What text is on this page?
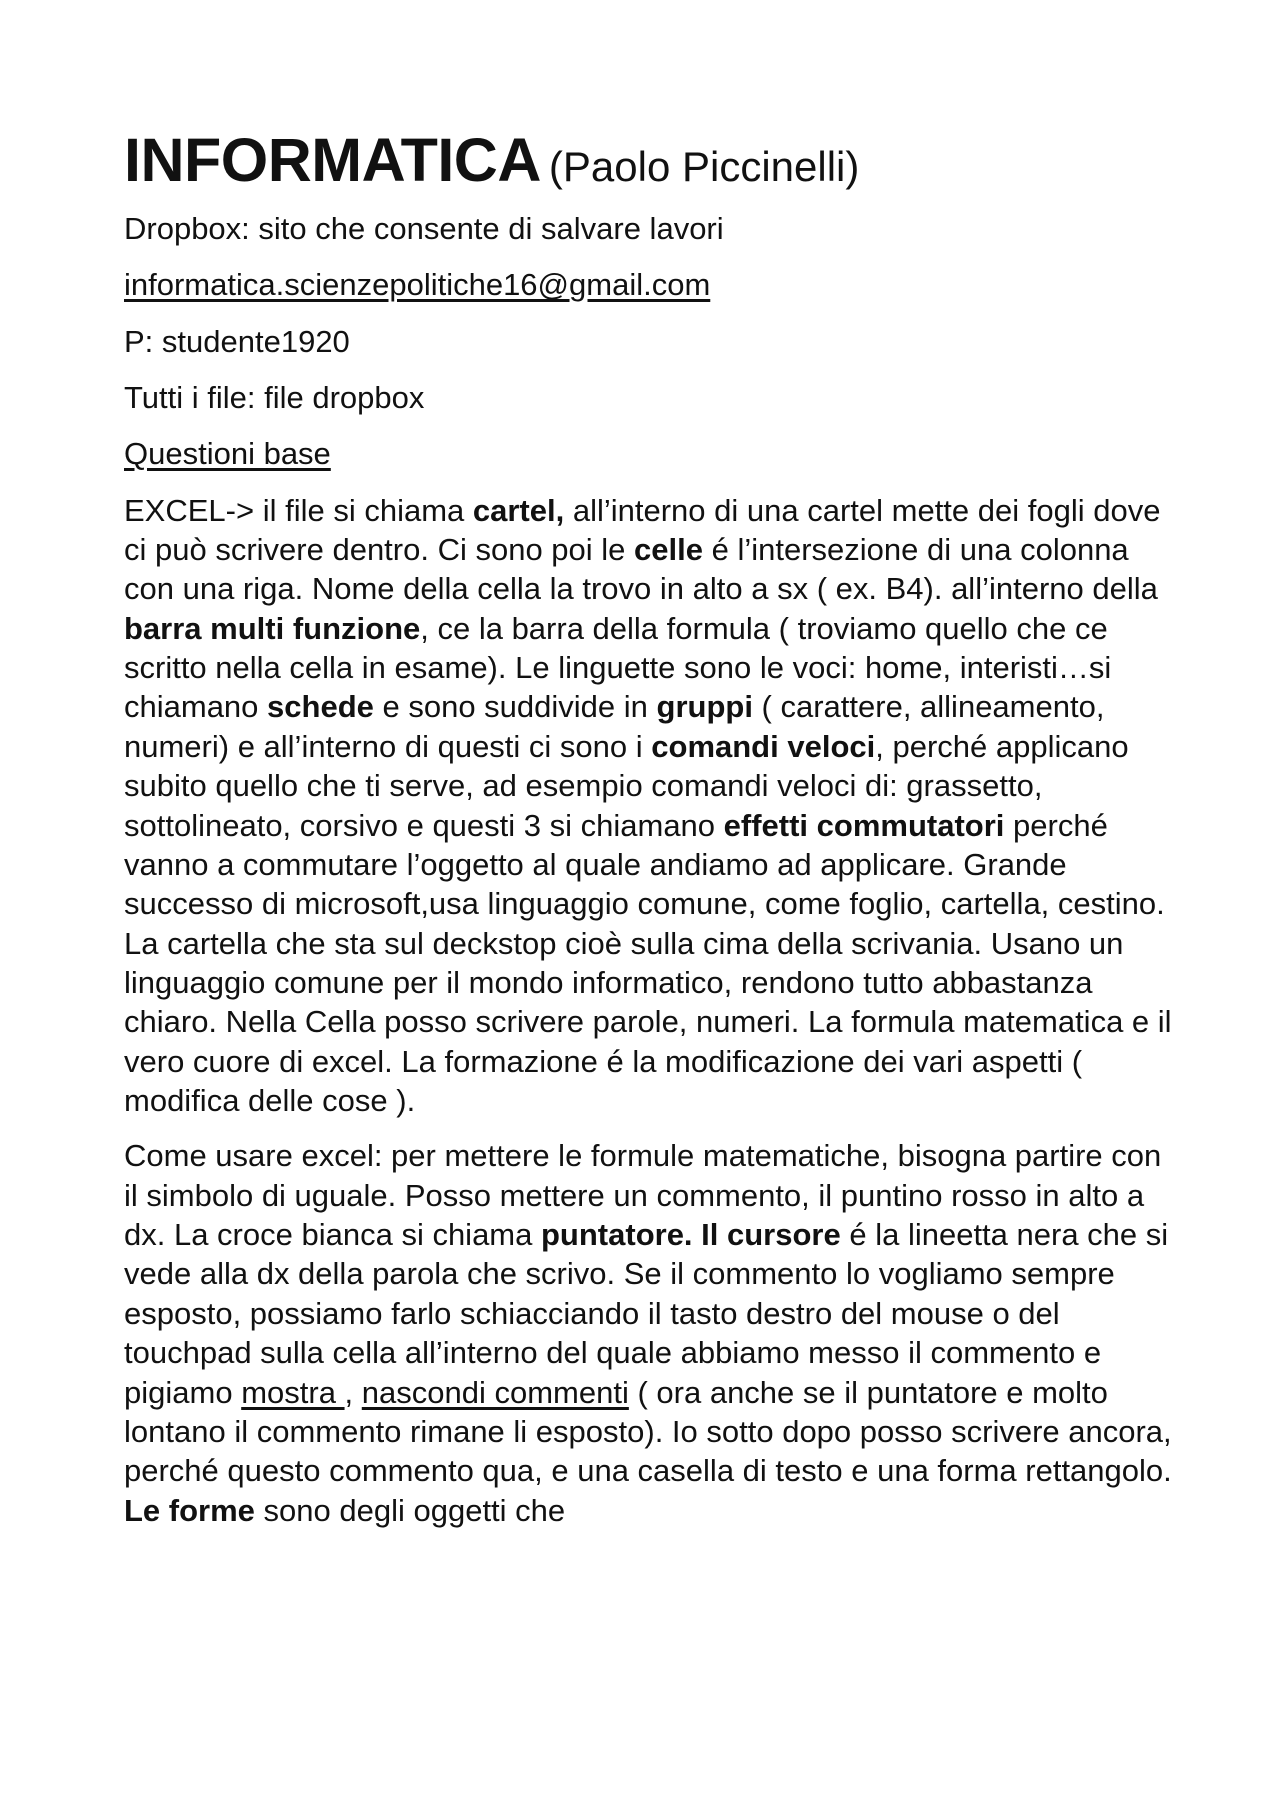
INFORMATICA (Paolo Piccinelli)
Dropbox: sito che consente di salvare lavori
informatica.scienzepolitiche16@gmail.com
P: studente1920
Tutti i file: file dropbox
Questioni base
EXCEL-> il file si chiama cartel, all’interno di una cartel mette dei fogli dove ci può scrivere dentro. Ci sono poi le celle é l’intersezione di una colonna con una riga. Nome della cella la trovo in alto a sx ( ex. B4). all’interno della barra multi funzione, ce la barra della formula ( troviamo quello che ce scritto nella cella in esame). Le linguette sono le voci: home, interisti…si chiamano schede e sono suddivide in gruppi ( carattere, allineamento, numeri) e all’interno di questi ci sono i comandi veloci, perché applicano subito quello che ti serve, ad esempio comandi veloci di: grassetto, sottolineato, corsivo e questi 3 si chiamano effetti commutatori perché vanno a commutare l’oggetto al quale andiamo ad applicare. Grande successo di microsoft,usa linguaggio comune, come foglio, cartella, cestino. La cartella che sta sul deckstop cioè sulla cima della scrivania. Usano un linguaggio comune per il mondo informatico, rendono tutto abbastanza chiaro. Nella Cella posso scrivere parole, numeri. La formula matematica e il vero cuore di excel. La formazione é la modificazione dei vari aspetti ( modifica delle cose ).
Come usare excel: per mettere le formule matematiche, bisogna partire con il simbolo di uguale. Posso mettere un commento, il puntino rosso in alto a dx. La croce bianca si chiama puntatore. Il cursore é la lineetta nera che si vede alla dx della parola che scrivo. Se il commento lo vogliamo sempre esposto, possiamo farlo schiacciando il tasto destro del mouse o del touchpad sulla cella all’interno del quale abbiamo messo il commento e pigiamo mostra , nascondi commenti ( ora anche se il puntatore e molto lontano il commento rimane li esposto). Io sotto dopo posso scrivere ancora, perché questo commento qua, e una casella di testo e una forma rettangolo. Le forme sono degli oggetti che
